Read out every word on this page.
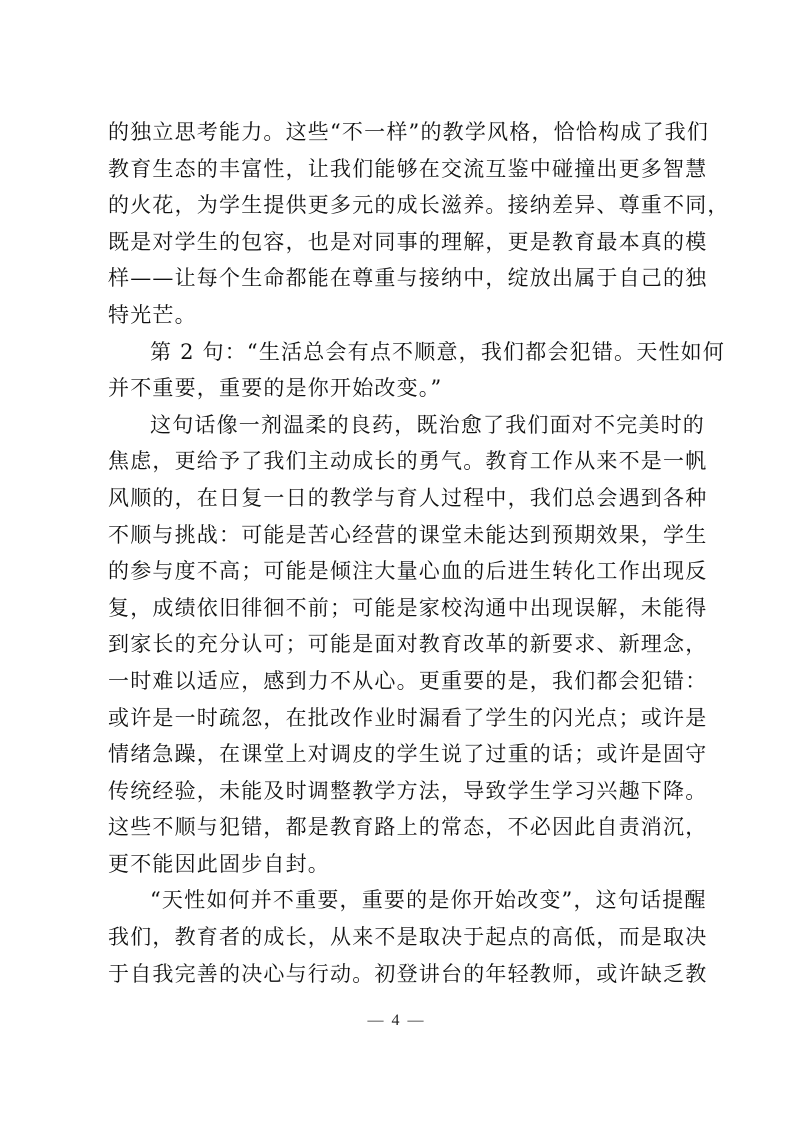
的独立思考能力。这些“不一样”的教学风格，恰恰构成了我们
教育生态的丰富性，让我们能够在交流互鉴中碰撞出更多智慧
的火花，为学生提供更多元的成长滋养。接纳差异、尊重不同，
既是对学生的包容，也是对同事的理解，更是教育最本真的模
样——让每个生命都能在尊重与接纳中，绽放出属于自己的独
特光芒。
第 2 句：“生活总会有点不顺意，我们都会犯错。天性如何
并不重要，重要的是你开始改变。”
这句话像一剂温柔的良药，既治愈了我们面对不完美时的
焦虑，更给予了我们主动成长的勇气。教育工作从来不是一帆
风顺的，在日复一日的教学与育人过程中，我们总会遇到各种
不顺与挑战：可能是苦心经营的课堂未能达到预期效果，学生
的参与度不高；可能是倾注大量心血的后进生转化工作出现反
复，成绩依旧徘徊不前；可能是家校沟通中出现误解，未能得
到家长的充分认可；可能是面对教育改革的新要求、新理念，
一时难以适应，感到力不从心。更重要的是，我们都会犯错：
或许是一时疏忽，在批改作业时漏看了学生的闪光点；或许是
情绪急躁，在课堂上对调皮的学生说了过重的话；或许是固守
传统经验，未能及时调整教学方法，导致学生学习兴趣下降。
这些不顺与犯错，都是教育路上的常态，不必因此自责消沉，
更不能因此固步自封。
“天性如何并不重要，重要的是你开始改变”，这句话提醒
我们，教育者的成长，从来不是取决于起点的高低，而是取决
于自我完善的决心与行动。初登讲台的年轻教师，或许缺乏教
— 4 —
